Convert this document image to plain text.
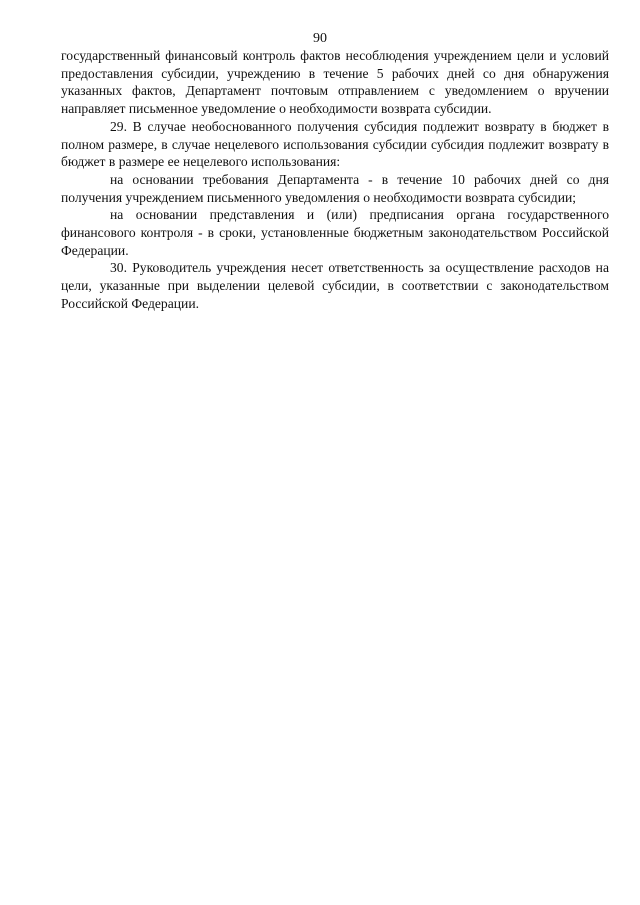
90

государственный финансовый контроль фактов несоблюдения учреждением цели и условий предоставления субсидии, учреждению в течение 5 рабочих дней со дня обнаружения указанных фактов, Департамент почтовым отправлением с уведомлением о вручении направляет письменное уведомление о необходимости возврата субсидии.

29. В случае необоснованного получения субсидия подлежит возврату в бюджет в полном размере, в случае нецелевого использования субсидии субсидия подлежит возврату в бюджет в размере ее нецелевого использования:

на основании требования Департамента - в течение 10 рабочих дней со дня получения учреждением письменного уведомления о необходимости возврата субсидии;

на основании представления и (или) предписания органа государственного финансового контроля - в сроки, установленные бюджетным законодательством Российской Федерации.

30. Руководитель учреждения несет ответственность за осуществление расходов на цели, указанные при выделении целевой субсидии, в соответствии с законодательством Российской Федерации.
